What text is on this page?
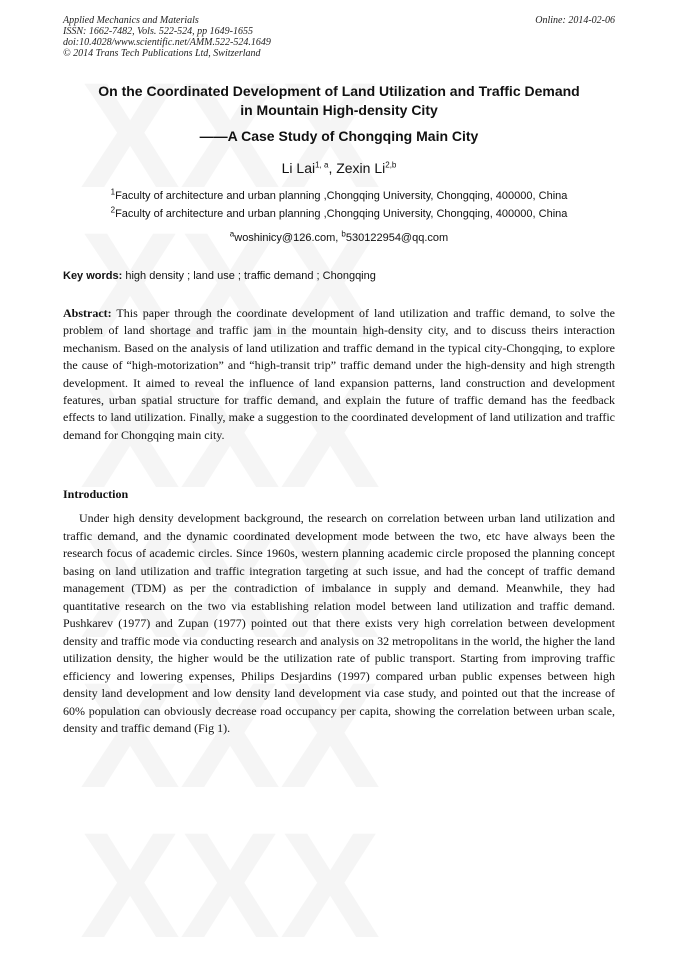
Applied Mechanics and Materials
ISSN: 1662-7482, Vols. 522-524, pp 1649-1655
doi:10.4028/www.scientific.net/AMM.522-524.1649
© 2014 Trans Tech Publications Ltd, Switzerland
Online: 2014-02-06
On the Coordinated Development of Land Utilization and Traffic Demand
in Mountain High-density City
——A Case Study of Chongqing Main City
Li Lai$^{1, a}$, Zexin Li$^{2,b}$
$^1$Faculty of architecture and urban planning ,Chongqing University, Chongqing, 400000, China
$^2$Faculty of architecture and urban planning ,Chongqing University, Chongqing, 400000, China
$^a$woshinicy@126.com, $^b$530122954@qq.com
Key words: high density ; land use ; traffic demand ; Chongqing
Abstract: This paper through the coordinate development of land utilization and traffic demand, to solve the problem of land shortage and traffic jam in the mountain high-density city, and to discuss theirs interaction mechanism. Based on the analysis of land utilization and traffic demand in the typical city-Chongqing, to explore the cause of “high-motorization” and “high-transit trip” traffic demand under the high-density and high strength development. It aimed to reveal the influence of land expansion patterns, land construction and development features, urban spatial structure for traffic demand, and explain the future of traffic demand has the feedback effects to land utilization. Finally, make a suggestion to the coordinated development of land utilization and traffic demand for Chongqing main city.
Introduction
Under high density development background, the research on correlation between urban land utilization and traffic demand, and the dynamic coordinated development mode between the two, etc have always been the research focus of academic circles. Since 1960s, western planning academic circle proposed the planning concept basing on land utilization and traffic integration targeting at such issue, and had the concept of traffic demand management (TDM) as per the contradiction of imbalance in supply and demand. Meanwhile, they had quantitative research on the two via establishing relation model between land utilization and traffic demand. Pushkarev (1977) and Zupan (1977) pointed out that there exists very high correlation between development density and traffic mode via conducting research and analysis on 32 metropolitans in the world, the higher the land utilization density, the higher would be the utilization rate of public transport. Starting from improving traffic efficiency and lowering expenses, Philips Desjardins (1997) compared urban public expenses between high density land development and low density land development via case study, and pointed out that the increase of 60% population can obviously decrease road occupancy per capita, showing the correlation between urban scale, density and traffic demand (Fig 1).
